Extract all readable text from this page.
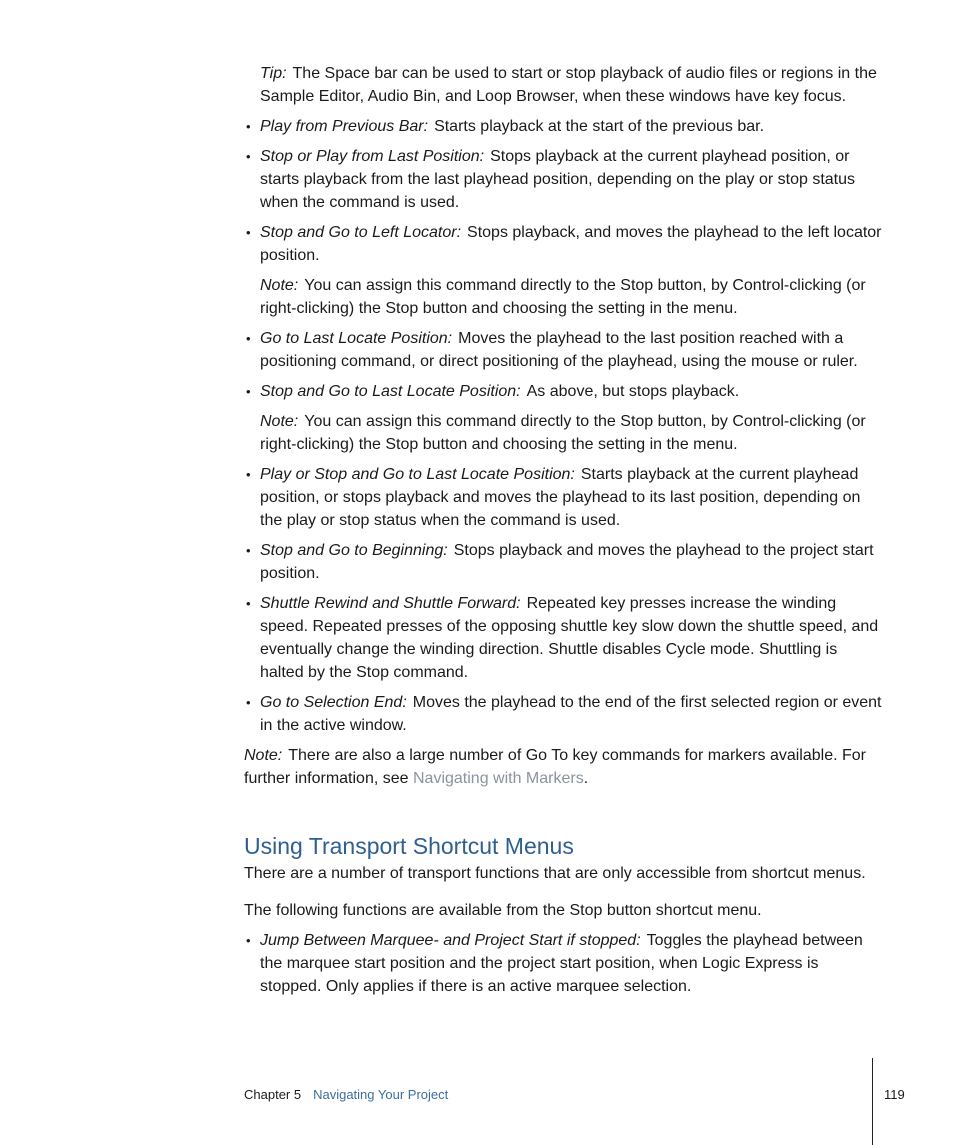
Tip: The Space bar can be used to start or stop playback of audio files or regions in the Sample Editor, Audio Bin, and Loop Browser, when these windows have key focus.

• Play from Previous Bar: Starts playback at the start of the previous bar.
• Stop or Play from Last Position: Stops playback at the current playhead position, or starts playback from the last playhead position, depending on the play or stop status when the command is used.
• Stop and Go to Left Locator: Stops playback, and moves the playhead to the left locator position.

Note: You can assign this command directly to the Stop button, by Control-clicking (or right-clicking) the Stop button and choosing the setting in the menu.

• Go to Last Locate Position: Moves the playhead to the last position reached with a positioning command, or direct positioning of the playhead, using the mouse or ruler.
• Stop and Go to Last Locate Position: As above, but stops playback.

Note: You can assign this command directly to the Stop button, by Control-clicking (or right-clicking) the Stop button and choosing the setting in the menu.

• Play or Stop and Go to Last Locate Position: Starts playback at the current playhead position, or stops playback and moves the playhead to its last position, depending on the play or stop status when the command is used.
• Stop and Go to Beginning: Stops playback and moves the playhead to the project start position.
• Shuttle Rewind and Shuttle Forward: Repeated key presses increase the winding speed. Repeated presses of the opposing shuttle key slow down the shuttle speed, and eventually change the winding direction. Shuttle disables Cycle mode. Shuttling is halted by the Stop command.
• Go to Selection End: Moves the playhead to the end of the first selected region or event in the active window.

Note: There are also a large number of Go To key commands for markers available. For further information, see Navigating with Markers.

Using Transport Shortcut Menus

There are a number of transport functions that are only accessible from shortcut menus.

The following functions are available from the Stop button shortcut menu.

• Jump Between Marquee- and Project Start if stopped: Toggles the playhead between the marquee start position and the project start position, when Logic Express is stopped. Only applies if there is an active marquee selection.
Chapter 5 Navigating Your Project	119
